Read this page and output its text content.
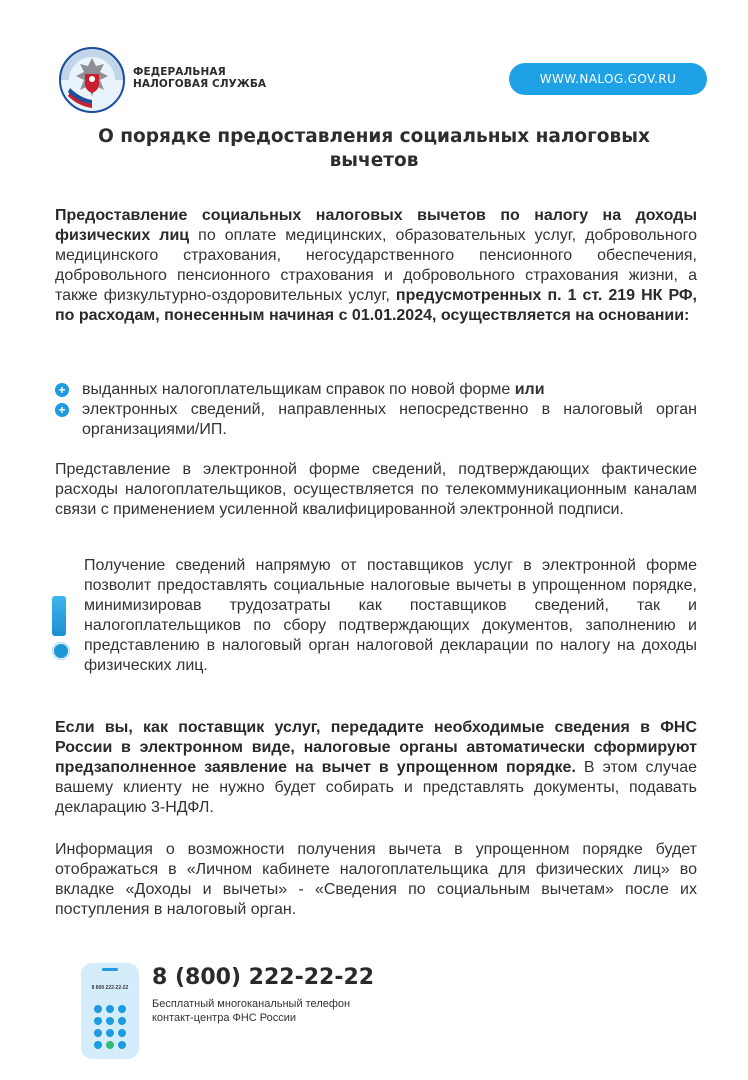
ФЕДЕРАЛЬНАЯ
НАЛОГОВАЯ СЛУЖБА	WWW.NALOG.GOV.RU
О порядке предоставления социальных налоговых
вычетов
Предоставление социальных налоговых вычетов по налогу на доходы физических лиц по оплате медицинских, образовательных услуг, добровольного медицинского страхования, негосударственного пенсионного обеспечения, добровольного пенсионного страхования и добровольного страхования жизни, а также физкультурно-оздоровительных услуг, предусмотренных п. 1 ст. 219 НК РФ, по расходам, понесенным начиная с 01.01.2024, осуществляется на основании:
+ выданных налогоплательщикам справок по новой форме или
+ электронных сведений, направленных непосредственно в налоговый орган организациями/ИП.
Представление в электронной форме сведений, подтверждающих фактические расходы налогоплательщиков, осуществляется по телекоммуникационным каналам связи с применением усиленной квалифицированной электронной подписи.
Получение сведений напрямую от поставщиков услуг в электронной форме позволит предоставлять социальные налоговые вычеты в упрощенном порядке, минимизировав трудозатраты как поставщиков сведений, так и налогоплательщиков по сбору подтверждающих документов, заполнению и представлению в налоговый орган налоговой декларации по налогу на доходы физических лиц.
Если вы, как поставщик услуг, передадите необходимые сведения в ФНС России в электронном виде, налоговые органы автоматически сформируют предзаполненное заявление на вычет в упрощенном порядке. В этом случае вашему клиенту не нужно будет собирать и представлять документы, подавать декларацию 3-НДФЛ.
Информация о возможности получения вычета в упрощенном порядке будет отображаться в «Личном кабинете налогоплательщика для физических лиц» во вкладке «Доходы и вычеты» - «Сведения по социальным вычетам» после их поступления в налоговый орган.
8 800 222-22-22	8 (800) 222-22-22
Бесплатный многоканальный телефон
контакт-центра ФНС России
